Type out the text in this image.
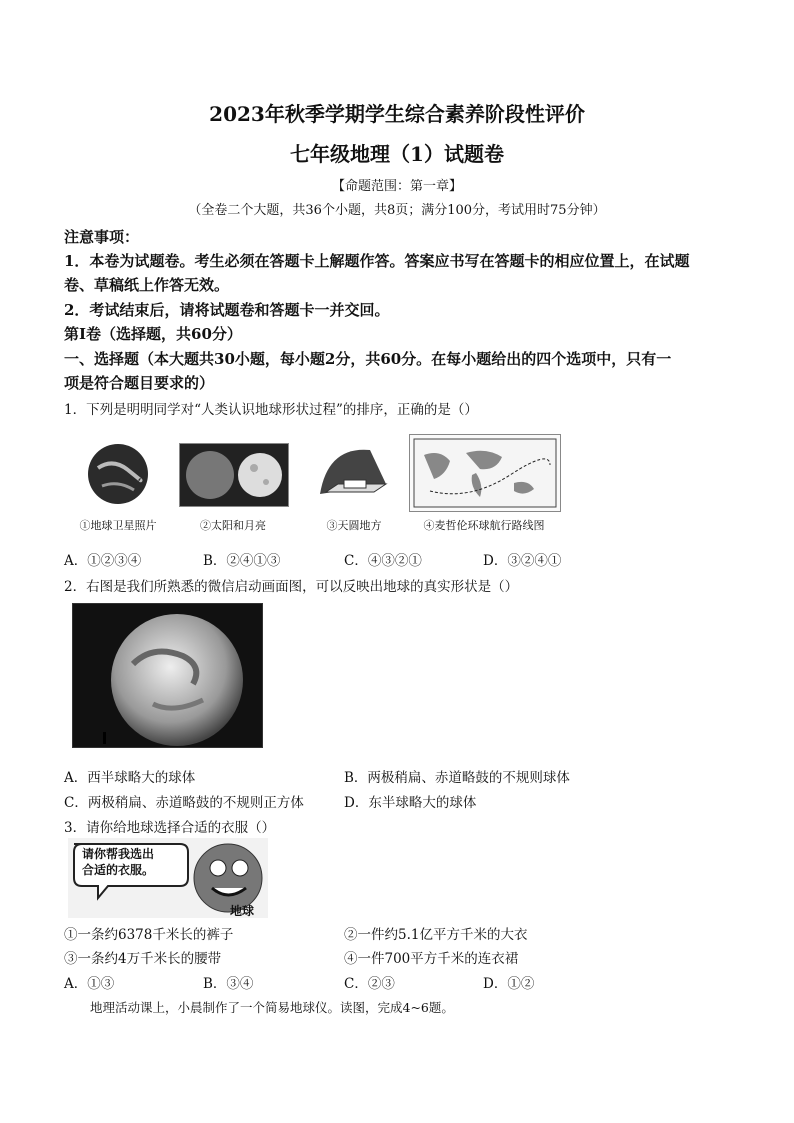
2023年秋季学期学生综合素养阶段性评价
七年级地理（1）试题卷
【命题范围：第一章】
（全卷二个大题，共36个小题，共8页；满分100分，考试用时75分钟）
注意事项：
1．本卷为试题卷。考生必须在答题卡上解题作答。答案应书写在答题卡的相应位置上，在试题
卷、草稿纸上作答无效。
2．考试结束后，请将试题卷和答题卡一并交回。
第Ⅰ卷（选择题，共60分）
一、选择题（本大题共30小题，每小题2分，共60分。在每小题给出的四个选项中，只有一
项是符合题目要求的）
1．下列是明明同学对“人类认识地球形状过程”的排序，正确的是（）
①地球卫星照片	②太阳和月亮	③天圆地方	④麦哲伦环球航行路线图
A．①②③④	B．②④①③	C．④③②①	D．③②④①
2．右图是我们所熟悉的微信启动画面图，可以反映出地球的真实形状是（）
A．西半球略大的球体	B．两极稍扁、赤道略鼓的不规则球体
C．两极稍扁、赤道略鼓的不规则正方体	D．东半球略大的球体
3．请你给地球选择合适的衣服（）
请你帮我选出
合适的衣服。
地球
①一条约6378千米长的裤子	②一件约5.1亿平方千米的大衣
③一条约4万千米长的腰带	④一件700平方千米的连衣裙
A．①③	B．③④	C．②③	D．①②
地理活动课上，小晨制作了一个简易地球仪。读图，完成4~6题。
